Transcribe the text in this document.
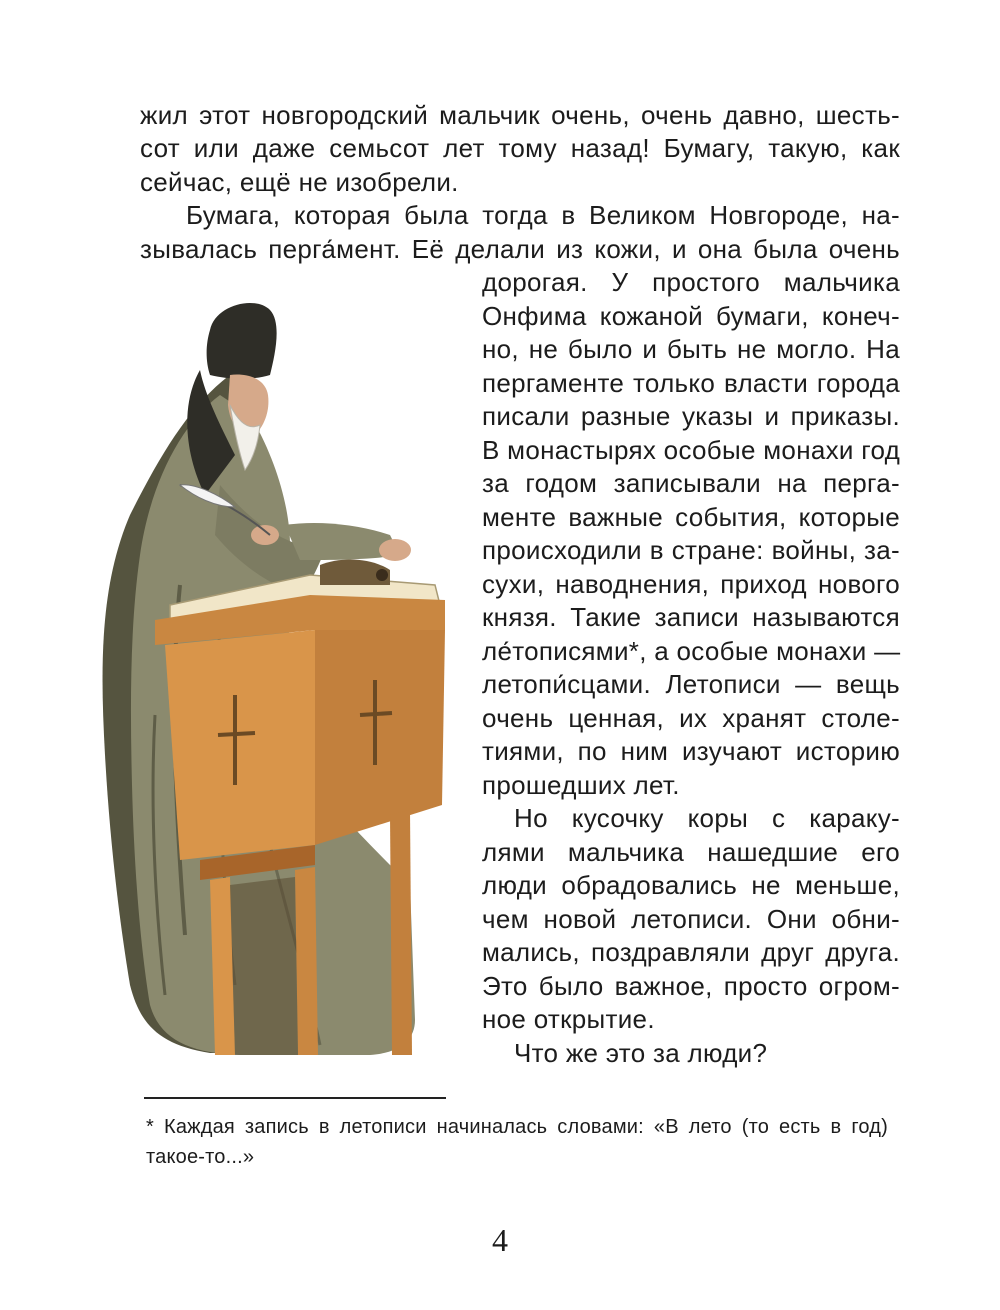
жил этот новгородский мальчик очень, очень давно, шесть-
сот или даже семьсот лет тому назад! Бумагу, такую, как
сейчас, ещё не изобрели.
Бумага, которая была тогда в Великом Новгороде, на-
зывалась перга́мент. Её делали из кожи, и она была очень
дорогая. У простого мальчика
Онфима кожаной бумаги, конеч-
но, не было и быть не могло. На
пергаменте только власти города
писали разные указы и приказы.
В монастырях особые монахи год
за годом записывали на перга-
менте важные события, которые
происходили в стране: войны, за-
сухи, наводнения, приход нового
князя. Такие записи называются
ле́тописями*, а особые монахи —
летопи́сцами. Летописи — вещь
очень ценная, их хранят столе-
тиями, по ним изучают историю
прошедших лет.
Но кусочку коры с караку-
лями мальчика нашедшие его
люди обрадовались не меньше,
чем новой летописи. Они обни-
мались, поздравляли друг друга.
Это было важное, просто огром-
ное открытие.
Что же это за люди?
* Каждая запись в летописи начиналась словами: «В лето (то есть в год)
такое-то...»
4
